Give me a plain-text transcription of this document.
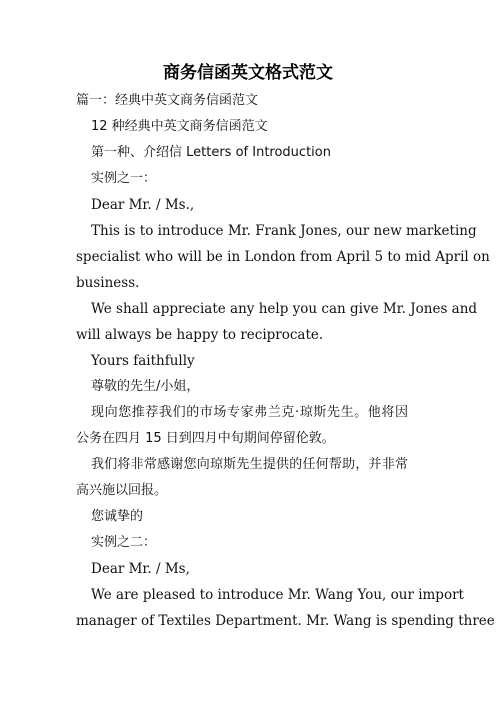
商务信函英文格式范文
篇一：经典中英文商务信函范文
12 种经典中英文商务信函范文
第一种、介绍信 Letters of Introduction
实例之一：
Dear Mr. / Ms.,
This is to introduce Mr. Frank Jones, our new marketing
specialist who will be in London from April 5 to mid April on
business.
We shall appreciate any help you can give Mr. Jones and
will always be happy to reciprocate.
Yours faithfully
尊敬的先生/小姐，
现向您推荐我们的市场专家弗兰克·琼斯先生。他将因
公务在四月 15 日到四月中旬期间停留伦敦。
我们将非常感谢您向琼斯先生提供的任何帮助，并非常
高兴施以回报。
您诚挚的
实例之二：
Dear Mr. / Ms,
We are pleased to introduce Mr. Wang You, our import
manager of Textiles Department. Mr. Wang is spending three
